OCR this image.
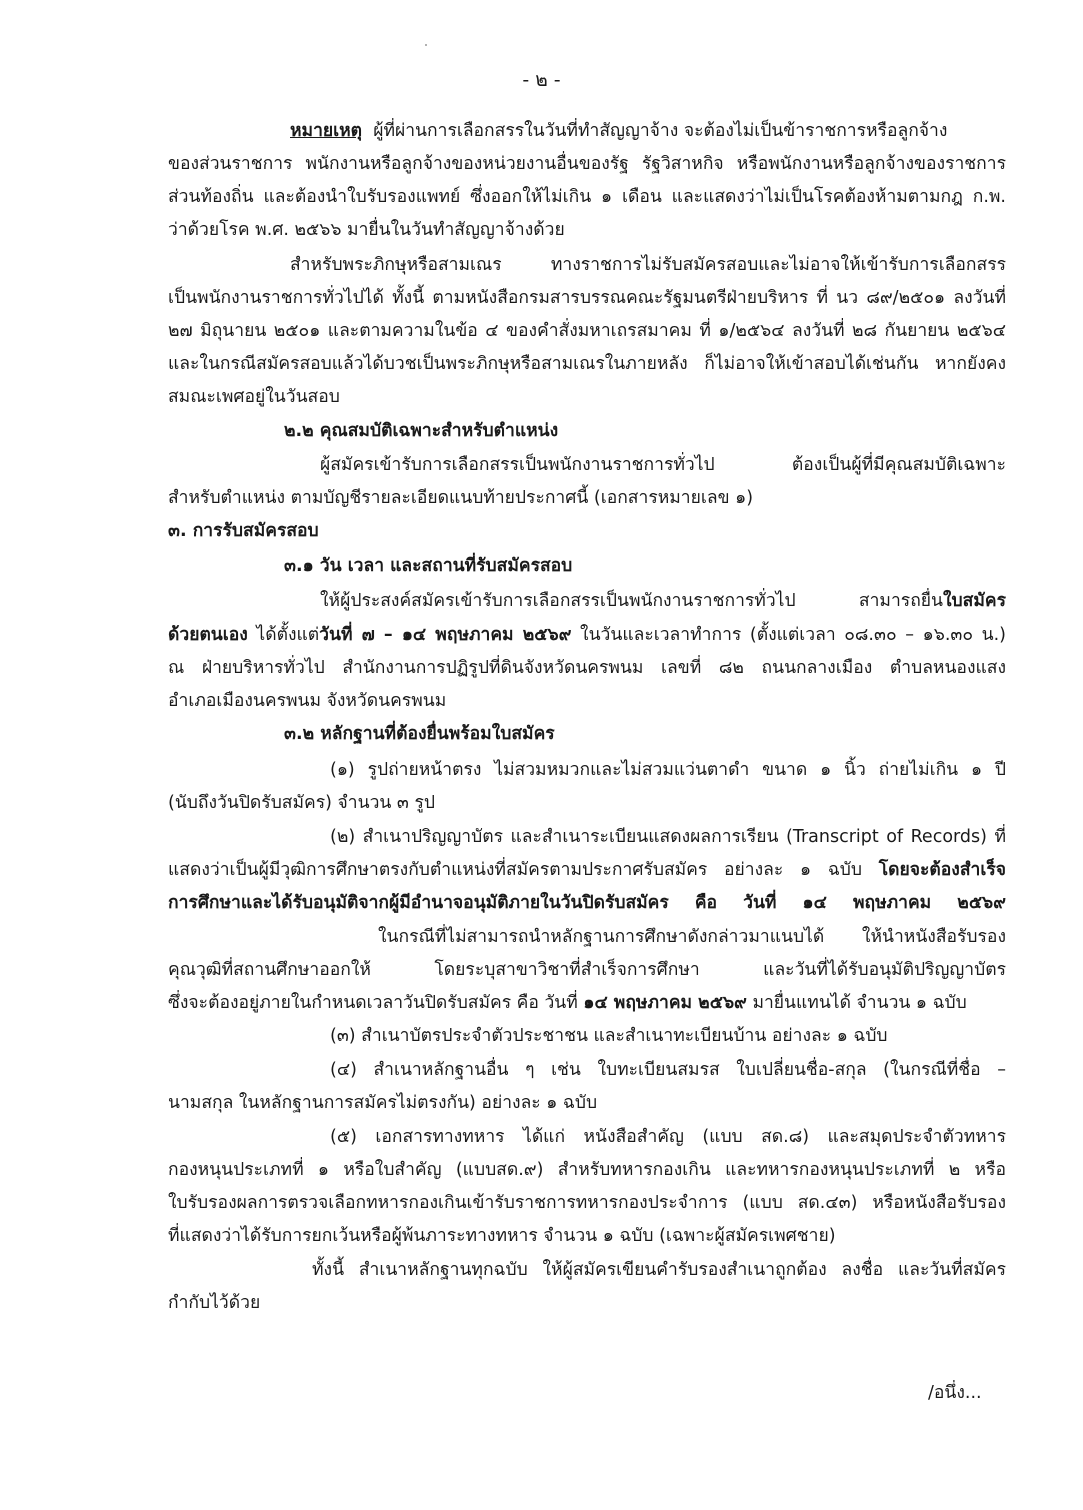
- ๒ -
หมายเหตุ ผู้ที่ผ่านการเลือกสรรในวันที่ทำสัญญาจ้าง จะต้องไม่เป็นข้าราชการหรือลูกจ้าง
ของส่วนราชการ พนักงานหรือลูกจ้างของหน่วยงานอื่นของรัฐ รัฐวิสาหกิจ หรือพนักงานหรือลูกจ้างของราชการ
ส่วนท้องถิ่น และต้องนำใบรับรองแพทย์ ซึ่งออกให้ไม่เกิน ๑ เดือน และแสดงว่าไม่เป็นโรคต้องห้ามตามกฎ ก.พ.
ว่าด้วยโรค พ.ศ. ๒๕๖๖ มายื่นในวันทำสัญญาจ้างด้วย
สำหรับพระภิกษุหรือสามเณร ทางราชการไม่รับสมัครสอบและไม่อาจให้เข้ารับการเลือกสรร
เป็นพนักงานราชการทั่วไปได้ ทั้งนี้ ตามหนังสือกรมสารบรรณคณะรัฐมนตรีฝ่ายบริหาร ที่ นว ๘๙/๒๕๐๑ ลงวันที่
๒๗ มิถุนายน ๒๕๐๑ และตามความในข้อ ๔ ของคำสั่งมหาเถรสมาคม ที่ ๑/๒๕๖๔ ลงวันที่ ๒๘ กันยายน ๒๕๖๔
และในกรณีสมัครสอบแล้วได้บวชเป็นพระภิกษุหรือสามเณรในภายหลัง ก็ไม่อาจให้เข้าสอบได้เช่นกัน หากยังคง
สมณะเพศอยู่ในวันสอบ
๒.๒ คุณสมบัติเฉพาะสำหรับตำแหน่ง
ผู้สมัครเข้ารับการเลือกสรรเป็นพนักงานราชการทั่วไป ต้องเป็นผู้ที่มีคุณสมบัติเฉพาะ
สำหรับตำแหน่ง ตามบัญชีรายละเอียดแนบท้ายประกาศนี้ (เอกสารหมายเลข ๑)
๓. การรับสมัครสอบ
๓.๑ วัน เวลา และสถานที่รับสมัครสอบ
ให้ผู้ประสงค์สมัครเข้ารับการเลือกสรรเป็นพนักงานราชการทั่วไป สามารถยื่นใบสมัคร
ด้วยตนเอง ได้ตั้งแต่วันที่ ๗ – ๑๔ พฤษภาคม ๒๕๖๙ ในวันและเวลาทำการ (ตั้งแต่เวลา ๐๘.๓๐ – ๑๖.๓๐ น.)
ณ ฝ่ายบริหารทั่วไป สำนักงานการปฏิรูปที่ดินจังหวัดนครพนม เลขที่ ๘๒ ถนนกลางเมือง ตำบลหนองแสง
อำเภอเมืองนครพนม จังหวัดนครพนม
๓.๒ หลักฐานที่ต้องยื่นพร้อมใบสมัคร
(๑) รูปถ่ายหน้าตรง ไม่สวมหมวกและไม่สวมแว่นตาดำ ขนาด ๑ นิ้ว ถ่ายไม่เกิน ๑ ปี
(นับถึงวันปิดรับสมัคร) จำนวน ๓ รูป
(๒) สำเนาปริญญาบัตร และสำเนาระเบียนแสดงผลการเรียน (Transcript of Records) ที่
แสดงว่าเป็นผู้มีวุฒิการศึกษาตรงกับตำแหน่งที่สมัครตามประกาศรับสมัคร อย่างละ ๑ ฉบับ โดยจะต้องสำเร็จ
การศึกษาและได้รับอนุมัติจากผู้มีอำนาจอนุมัติภายในวันปิดรับสมัคร คือ วันที่ ๑๔ พฤษภาคม ๒๕๖๙
ในกรณีที่ไม่สามารถนำหลักฐานการศึกษาดังกล่าวมาแนบได้ ให้นำหนังสือรับรอง
คุณวุฒิที่สถานศึกษาออกให้ โดยระบุสาขาวิชาที่สำเร็จการศึกษา และวันที่ได้รับอนุมัติปริญญาบัตร
ซึ่งจะต้องอยู่ภายในกำหนดเวลาวันปิดรับสมัคร คือ วันที่ ๑๔ พฤษภาคม ๒๕๖๙ มายื่นแทนได้ จำนวน ๑ ฉบับ
(๓) สำเนาบัตรประจำตัวประชาชน และสำเนาทะเบียนบ้าน อย่างละ ๑ ฉบับ
(๔) สำเนาหลักฐานอื่น ๆ เช่น ใบทะเบียนสมรส ใบเปลี่ยนชื่อ-สกุล (ในกรณีที่ชื่อ –
นามสกุล ในหลักฐานการสมัครไม่ตรงกัน) อย่างละ ๑ ฉบับ
(๕) เอกสารทางทหาร ได้แก่ หนังสือสำคัญ (แบบ สด.๘) และสมุดประจำตัวทหาร
กองหนุนประเภทที่ ๑ หรือใบสำคัญ (แบบสด.๙) สำหรับทหารกองเกิน และทหารกองหนุนประเภทที่ ๒ หรือ
ใบรับรองผลการตรวจเลือกทหารกองเกินเข้ารับราชการทหารกองประจำการ (แบบ สด.๔๓) หรือหนังสือรับรอง
ที่แสดงว่าได้รับการยกเว้นหรือผู้พ้นภาระทางทหาร จำนวน ๑ ฉบับ (เฉพาะผู้สมัครเพศชาย)
ทั้งนี้ สำเนาหลักฐานทุกฉบับ ให้ผู้สมัครเขียนคำรับรองสำเนาถูกต้อง ลงชื่อ และวันที่สมัคร
กำกับไว้ด้วย
/อนึ่ง...
